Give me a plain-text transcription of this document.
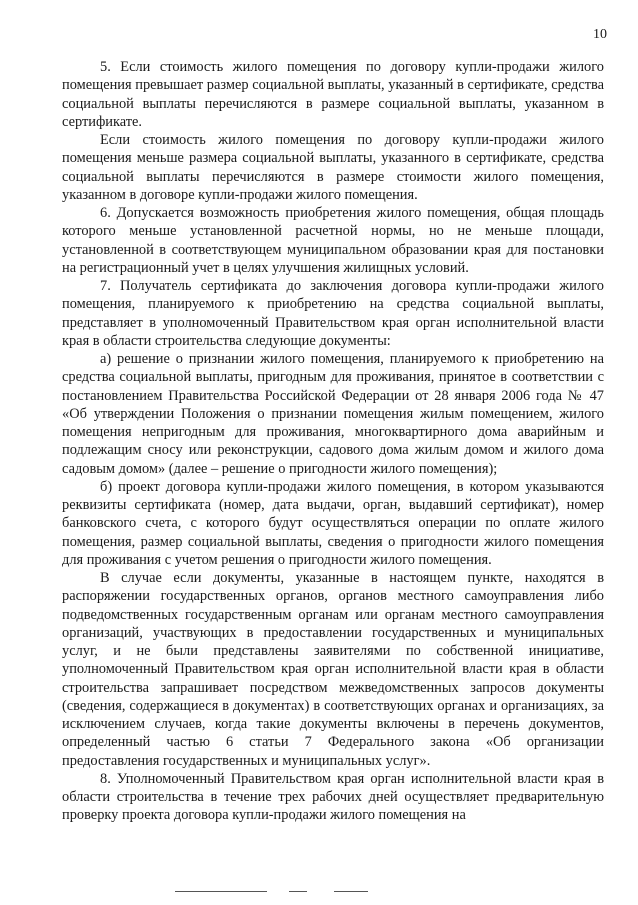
10

5. Если стоимость жилого помещения по договору купли-продажи жилого помещения превышает размер социальной выплаты, указанный в сертификате, средства социальной выплаты перечисляются в размере социальной выплаты, указанном в сертификате.

Если стоимость жилого помещения по договору купли-продажи жилого помещения меньше размера социальной выплаты, указанного в сертификате, средства социальной выплаты перечисляются в размере стоимости жилого помещения, указанном в договоре купли-продажи жилого помещения.

6. Допускается возможность приобретения жилого помещения, общая площадь которого меньше установленной расчетной нормы, но не меньше площади, установленной в соответствующем муниципальном образовании края для постановки на регистрационный учет в целях улучшения жилищных условий.

7. Получатель сертификата до заключения договора купли-продажи жилого помещения, планируемого к приобретению на средства социальной выплаты, представляет в уполномоченный Правительством края орган исполнительной власти края в области строительства следующие документы:

а) решение о признании жилого помещения, планируемого к приобретению на средства социальной выплаты, пригодным для проживания, принятое в соответствии с постановлением Правительства Российской Федерации от 28 января 2006 года № 47 «Об утверждении Положения о признании помещения жилым помещением, жилого помещения непригодным для проживания, многоквартирного дома аварийным и подлежащим сносу или реконструкции, садового дома жилым домом и жилого дома садовым домом» (далее – решение о пригодности жилого помещения);

б) проект договора купли-продажи жилого помещения, в котором указываются реквизиты сертификата (номер, дата выдачи, орган, выдавший сертификат), номер банковского счета, с которого будут осуществляться операции по оплате жилого помещения, размер социальной выплаты, сведения о пригодности жилого помещения для проживания с учетом решения о пригодности жилого помещения.

В случае если документы, указанные в настоящем пункте, находятся в распоряжении государственных органов, органов местного самоуправления либо подведомственных государственным органам или органам местного самоуправления организаций, участвующих в предоставлении государственных и муниципальных услуг, и не были представлены заявителями по собственной инициативе, уполномоченный Правительством края орган исполнительной власти края в области строительства запрашивает посредством межведомственных запросов документы (сведения, содержащиеся в документах) в соответствующих органах и организациях, за исключением случаев, когда такие документы включены в перечень документов, определенный частью 6 статьи 7 Федерального закона «Об организации предоставления государственных и муниципальных услуг».

8. Уполномоченный Правительством края орган исполнительной власти края в области строительства в течение трех рабочих дней осуществляет предварительную проверку проекта договора купли-продажи жилого помещения на
